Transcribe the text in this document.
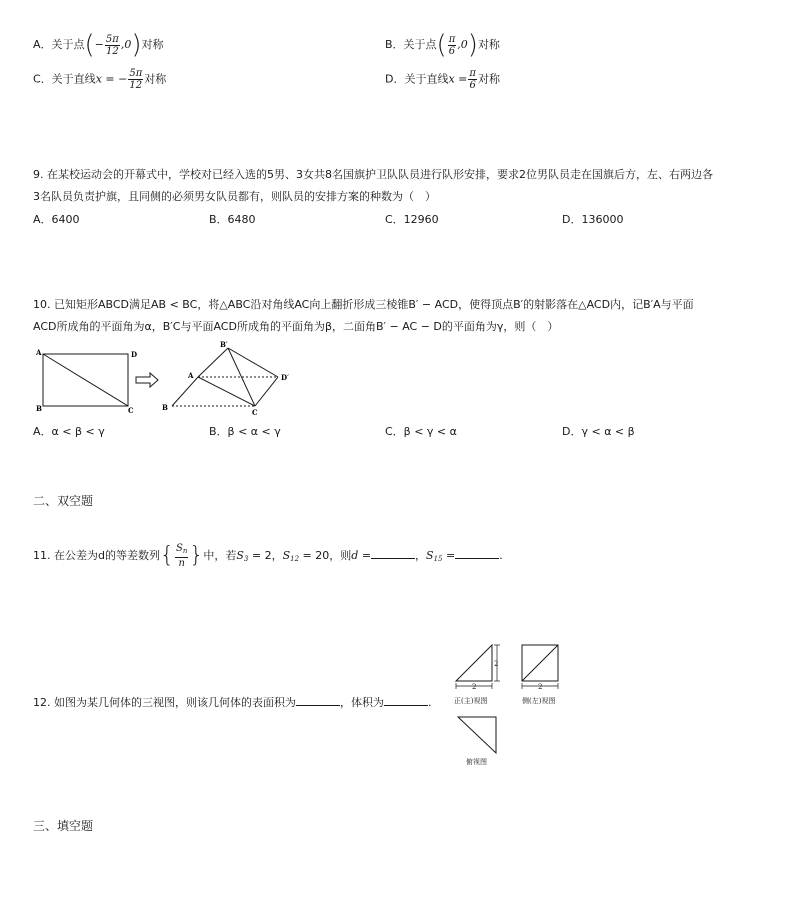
A．关于点(− $\frac{5\pi}{12} ,0$)对称	B．关于点( $\frac{\pi}{6} ,0$)对称
C．关于直线x = − $\frac{5\pi}{12}$ 对称	D．关于直线$x = \frac{\pi}{6}$ 对称
9. 在某校运动会的开幕式中，学校对已经入选的5男、3女共8名国旗护卫队队员进行队形安排，要求2位男队员走在国旗后方，左、右两边各
3名队员负责护旗，且同侧的必须男女队员都有，则队员的安排方案的种数为（　）
A．6400	B．6480	C．12960	D．136000
10. 已知矩形ABCD满足AB < BC，将△ABC沿对角线AC向上翻折形成三棱锥B′ − ACD，使得顶点B′的射影落在△ACD内，记B′A与平面
ACD所成角的平面角为α，B′C与平面ACD所成角的平面角为β，二面角B′ − AC − D的平面角为γ，则（　）
A	D
B	C
B′
A	D′
B
C
A．α < β < γ	B．β < α < γ	C．β < γ < α	D．γ < α < β
二、双空题
11. 在公差为d的等差数列{ $\frac{S_n}{n}$ }中，若$S_3 = 2$，$S_{12} = 20$，则d =	，$S_{15}$ =	.
12. 如图为某几何体的三视图，则该几何体的表面积为	，体积为	.
2
2
正(主)视图
2
侧(左)视图
俯视图
三、填空题
